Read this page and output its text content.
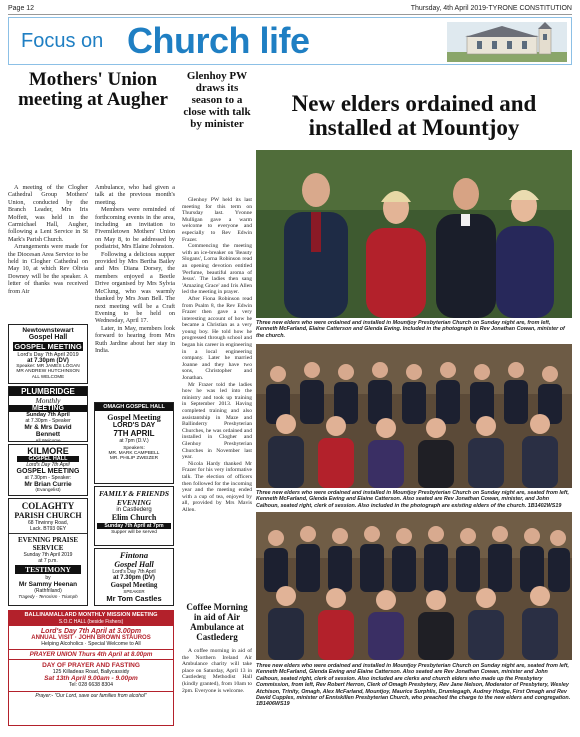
Page 12	Thursday, 4th April 2019-TYRONE CONSTITUTION
Focus on Church life
Mothers' Union meeting at Augher

A meeting of the Clogher Cathedral Group Mothers' Union, conducted by the Branch Leader, Mrs Iris Moffett, was held in the Carmichael Hall, Augher, following a Lent Service in St Mark's Parish Church.

Arrangements were made for the Diocesan Area Service to be held in Clogher Cathedral on May 10, at which Rev Olivia Downey will be the speaker. A letter of thanks was received from Air

Ambulance, who had given a talk at the previous month's meeting.

Members were reminded of forthcoming events in the area, including an invitation to Fivemiletown Mothers' Union on May 8, to be addressed by podiatrist, Mrs Elaine Johnston.

Following a delicious supper provided by Mrs Bertha Bailey and Mrs Diana Dorsey, the members enjoyed a Beetle Drive organised by Mrs Sylvia McClung, who was warmly thanked by Mrs Joan Bell. The next meeting will be a Craft Evening to be held on Wednesday, April 17.

Later, in May, members look forward to hearing from Mrs Ruth Jardine about her stay in India.

Glenhoy PW draws its season to a close with talk by minister

Glenhoy PW held its last meeting for this term on Thursday last. Yvonne Mulligan gave a warm welcome to everyone and especially to Rev Edwin Frazer.

Commencing the meeting with an ice-breaker on 'Beauty Slogans', Lorna Robinson read an opening devotion entitled 'Perfume, beautiful aroma of Jesus'. The ladies then sang 'Amazing Grace' and Iris Allen led the meeting in prayer.

After Fiona Robinson read from Psalm 8, the Rev Edwin Frazer then gave a very interesting account of how he became a Christian as a very young boy. He told how he progressed through school and began his career in engineering in a local engineering company. Later he married Joanne and they have two sons, Christopher and Jonathan.

Mr Frazer told the ladies how he was led into the ministry and took up training in September 2013. Having completed training and also assistantship in Maze and Ballinderry Presbyterian Churches, he was ordained and installed in Clogher and Glenhoy Presbyterian Churches in November last year.

Nicola Hardy thanked Mr Frazer for his very informative talk. The election of officers then followed for the incoming year and the meeting ended with a cup of tea, enjoyed by all, provided by Mrs Mavis Allen.

Coffee Morning in aid of Air Ambulance at Castlederg

A coffee morning in aid of the Northern Ireland Air Ambulance charity will take place on Saturday, April 13 in Castlederg Methodist Hall (kindly granted), from 10am to 2pm. Everyone is welcome.

New elders ordained and installed at Mountjoy
Three new elders who were ordained and installed in Mountjoy Presbyterian Church on Sunday night are, from left, Kenneth McFarland, Elaine Catterson and Glenda Ewing. Included in the photograph is Rev Jonathan Cowan, minister of the church.
Three new elders who were ordained and installed in Mountjoy Presbyterian Church on Sunday night are, seated from left, Kenneth McFarland, Glenda Ewing and Elaine Catterson. Also seated are Rev Jonathan Cowan, minister, and John Calhoun, seated right, clerk of session. Also included in the photograph are existing elders of the church. 1B1402WS19
Three new elders who were ordained and installed in Mountjoy Presbyterian Church on Sunday night are, seated from left, Kenneth McFarland, Glenda Ewing and Elaine Catterson. Also seated are Rev Jonathan Cowan, minister and John Calhoun, seated right, clerk of session. Also included are clerks and church elders who made up the Presbytery Commission, from left, Rev Robert Herron, Clerk of Omagh Presbytery, Rev Jane Nelson, Moderator of Presbytery, Wesley Atchison, Trinity, Omagh, Alex McFarland, Mountjoy, Maurice Surphlis, Drumlegagh, Audrey Hodge, First Omagh and Rev David Cupples, minister of Enniskillen Presbyterian Church, who preached the charge to the new elders and congregation. 1B1406WS19
Newtownstewart
Gospel Hall
GOSPEL MEETING
Lord's Day 7th April 2019
at 7.30pm (DV)
Speaker: MR JAMES LOGAN
MR ANDREW HUTCHINSON
ALL WELCOME
PLUMBRIDGE
Monthly
MEETING
Sunday 7th April
at 7.30pm - Speaker
Mr & Mrs David
Bennett
All Welcome
KILMORE
GOSPEL HALL
Lord's Day 7th April
GOSPEL MEETING
at 7.30pm - Speaker:
Mr Brian Currie
(Evangelist)
COLAGHTY
PARISH CHURCH
68 Tirwinny Road,
Lack. BT93 0EY
EVENING PRAISE
SERVICE
Sunday 7th April 2019
at 7 p.m.
TESTIMONY
by
Mr Sammy Heenan
(Rathfriland)
Tragedy - Terrorism - Triumph
OMAGH GOSPEL HALL
Gospel Meeting
LORD'S DAY
7TH APRIL
at 7pm (D.V.)
Speakers:
MR. MARK CAMPBELL
MR. PHILIP ZWEIZER
FAMILY & FRIENDS
EVENING
in Castlederg
Elim Church
Sunday 7th April at 7pm
Supper will be served
Fintona
Gospel Hall
Lord's Day 7th April
at 7.30pm (DV)
Gospel Meeting
SPEAKER
Mr Tom Castles
BALLINAMALLARD MONTHLY MISSION MEETING
S.O.C HALL (beside Fishers)
Lord's Day 7th April at 3.00pm
ANNUAL VISIT · JOHN BROWN STAUROS
Helping Alcoholics · Special Welcome to All
PRAYER UNION Thurs 4th April at 8.00pm
DAY OF PRAYER AND FASTING
125 Killadeas Road, Ballycassidy
Sat 13th April 9.00am - 9.00pm
Tel: 028 6638 8304
Prayer:- "Our Lord, save our families from alcohol"
